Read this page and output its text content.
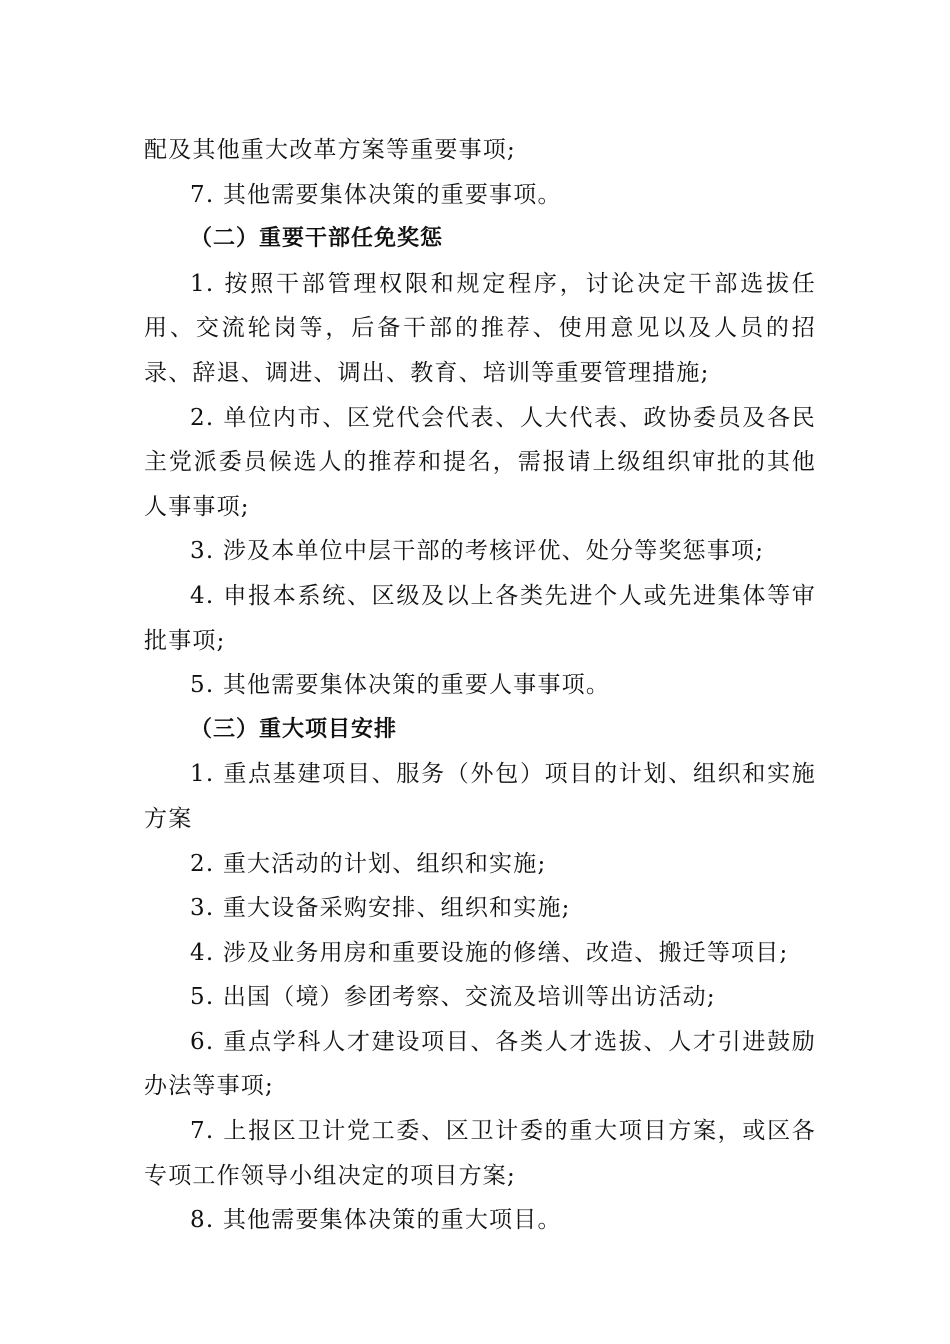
配及其他重大改革方案等重要事项;

7. 其他需要集体决策的重要事项。

（二）重要干部任免奖惩

1. 按照干部管理权限和规定程序，讨论决定干部选拔任用、交流轮岗等，后备干部的推荐、使用意见以及人员的招录、辞退、调进、调出、教育、培训等重要管理措施;

2. 单位内市、区党代会代表、人大代表、政协委员及各民主党派委员候选人的推荐和提名，需报请上级组织审批的其他人事事项;

3. 涉及本单位中层干部的考核评优、处分等奖惩事项;

4. 申报本系统、区级及以上各类先进个人或先进集体等审批事项;

5. 其他需要集体决策的重要人事事项。

（三）重大项目安排

1. 重点基建项目、服务（外包）项目的计划、组织和实施方案

2. 重大活动的计划、组织和实施;

3. 重大设备采购安排、组织和实施;

4. 涉及业务用房和重要设施的修缮、改造、搬迁等项目;

5. 出国（境）参团考察、交流及培训等出访活动;

6. 重点学科人才建设项目、各类人才选拔、人才引进鼓励办法等事项;

7. 上报区卫计党工委、区卫计委的重大项目方案，或区各专项工作领导小组决定的项目方案;

8. 其他需要集体决策的重大项目。
